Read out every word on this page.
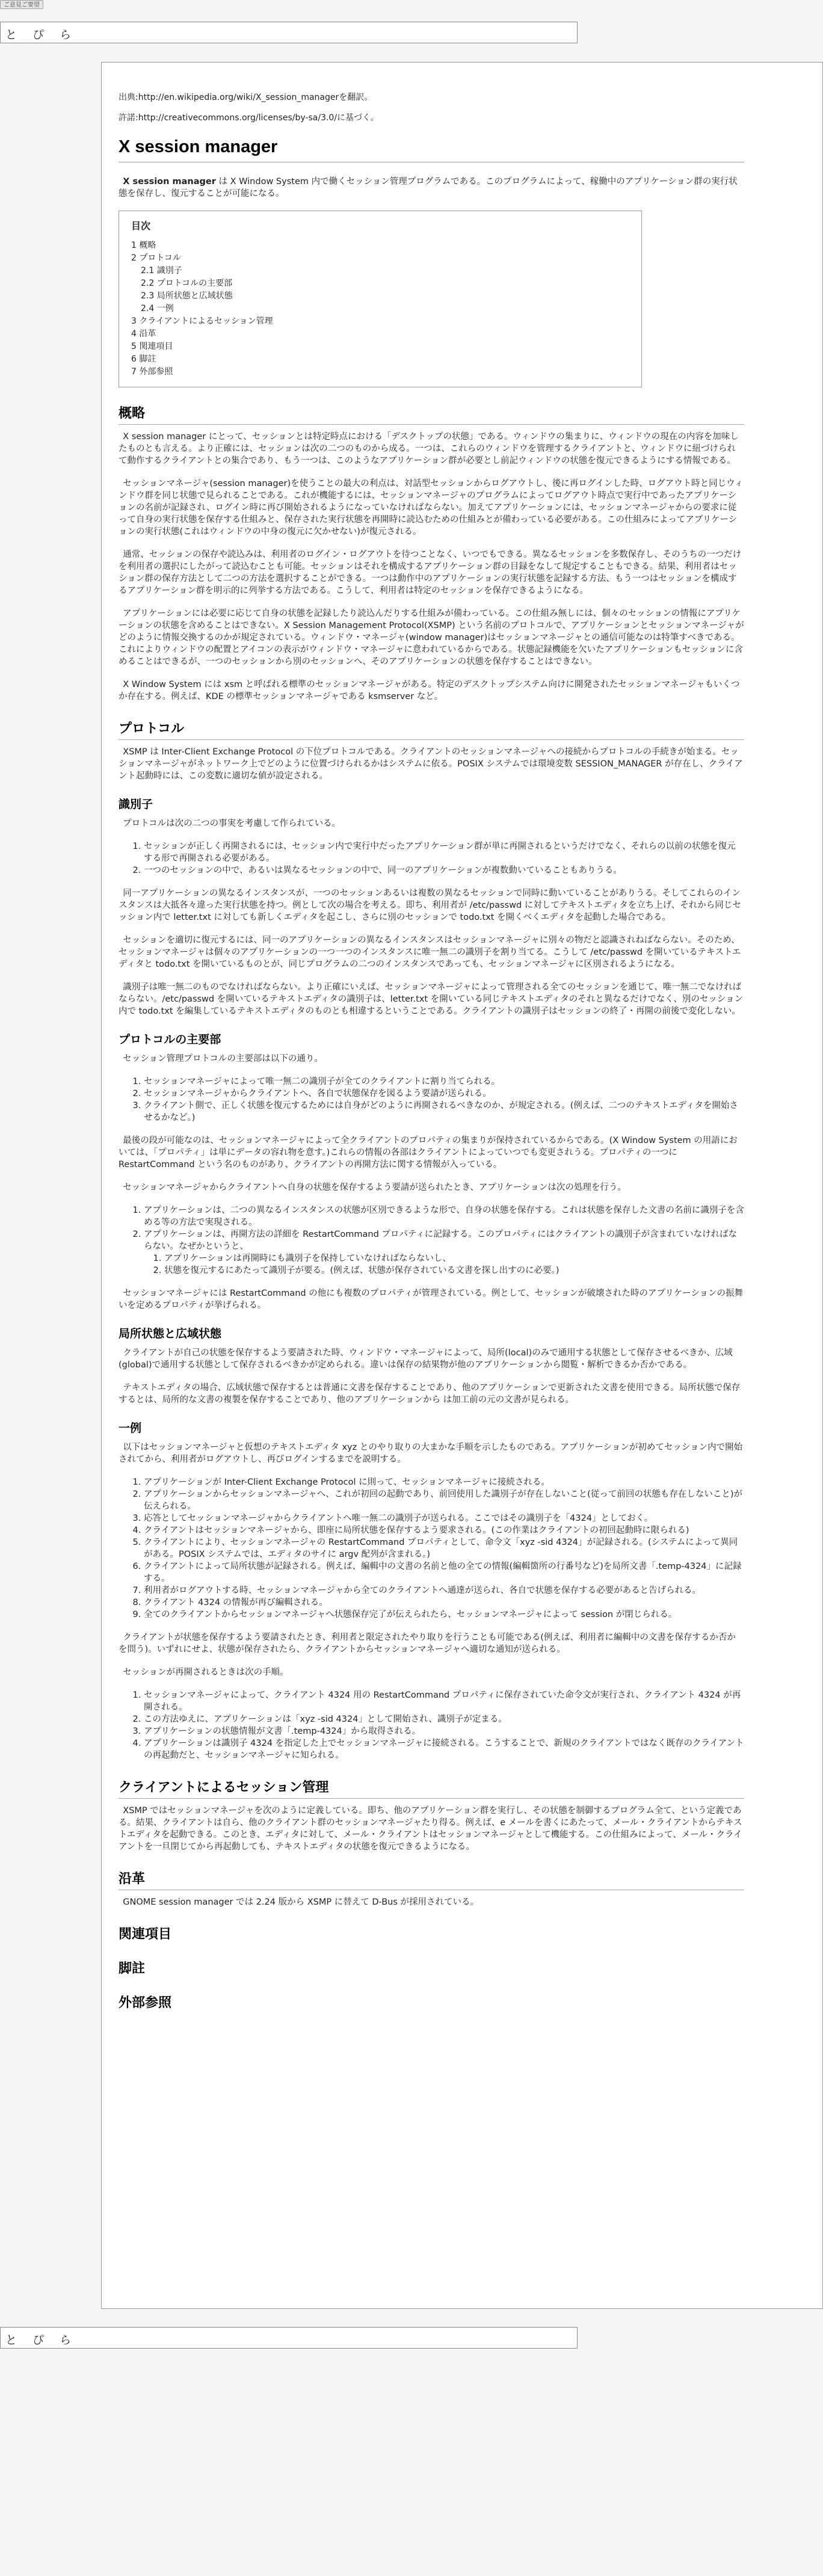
ご意見ご要望
と ぴ ら

出典:http://en.wikipedia.org/wiki/X_session_managerを翻訳。

許諾:http://creativecommons.org/licenses/by-sa/3.0/に基づく。

X session manager

X session manager は X Window System 内で働くセッション管理プログラムである。このプログラムによって、稼働中のアプリケーション群の実行状態を保存し、復元することが可能になる。

目次
1 概略
2 プロトコル
2.1 識別子
2.2 プロトコルの主要部
2.3 局所状態と広域状態
2.4 一例
3 クライアントによるセッション管理
4 沿革
5 関連項目
6 脚註
7 外部参照
概略

X session manager にとって、セッションとは特定時点における「デスクトップの状態」である。ウィンドウの集まりに、ウィンドウの現在の内容を加味したものとも言える。より正確には、セッションは次の二つのものから成る。一つは、これらのウィンドウを管理するクライアントと、ウィンドウに紐づけられて動作するクライアントとの集合であり、もう一つは、このようなアプリケーション群が必要とし前記ウィンドウの状態を復元できるようにする情報である。

セッションマネージャ(session manager)を使うことの最大の利点は、対話型セッションからログアウトし、後に再ログインした時、ログアウト時と同じウィンドウ群を同じ状態で見られることである。これが機能するには、セッションマネージャのプログラムによってログアウト時点で実行中であったアプリケーションの名前が記録され、ログイン時に再び開始されるようになっていなければならない。加えてアプリケーションには、セッションマネージャからの要求に従って自身の実行状態を保存する仕組みと、保存された実行状態を再開時に読込むための仕組みとが備わっている必要がある。この仕組みによってアプリケーションの実行状態(これはウィンドウの中身の復元に欠かせない)が復元される。

通常、セッションの保存や読込みは、利用者のログイン・ログアウトを待つことなく、いつでもできる。異なるセッションを多数保存し、そのうちの一つだけを利用者の選択にしたがって読込むことも可能。セッションはそれを構成するアプリケーション群の目録をなして規定することもできる。結果、利用者はセッション群の保存方法として二つの方法を選択することができる。一つは動作中のアプリケーションの実行状態を記録する方法、もう一つはセッションを構成するアプリケーション群を明示的に列挙する方法である。こうして、利用者は特定のセッションを保存できるようになる。

アプリケーションには必要に応じて自身の状態を記録したり読込んだりする仕組みが備わっている。この仕組み無しには、個々のセッションの情報にアプリケーションの状態を含めることはできない。X Session Management Protocol(XSMP) という名前のプロトコルで、アプリケーションとセッションマネージャがどのように情報交換するのかが規定されている。ウィンドウ・マネージャ(window manager)はセッションマネージャとの通信可能なのは特筆すべきである。これによりウィンドウの配置とアイコンの表示がウィンドウ・マネージャに意われているからである。状態記録機能を欠いたアプリケーションもセッションに含めることはできるが、一つのセッションから別のセッションへ、そのアプリケーションの状態を保存することはできない。

X Window System には xsm と呼ばれる標準のセッションマネージャがある。特定のデスクトップシステム向けに開発されたセッションマネージャもいくつか存在する。例えば、KDE の標準セッションマネージャである ksmserver など。

プロトコル

XSMP は Inter-Client Exchange Protocol の下位プロトコルである。クライアントのセッションマネージャへの接続からプロトコルの手続きが始まる。セッションマネージャがネットワーク上でどのように位置づけられるかはシステムに依る。POSIX システムでは環境変数 SESSION_MANAGER が存在し、クライアント起動時には、この変数に適切な値が設定される。

識別子

プロトコルは次の二つの事実を考慮して作られている。

1. セッションが正しく再開されるには、セッション内で実行中だったアプリケーション群が単に再開されるというだけでなく、それらの以前の状態を復元する形で再開される必要がある。
2. 一つのセッションの中で、あるいは異なるセッションの中で、同一のアプリケーションが複数動いていることもありうる。

同一アプリケーションの異なるインスタンスが、一つのセッションあるいは複数の異なるセッションで同時に動いていることがありうる。そしてこれらのインスタンスは大抵各々違った実行状態を持つ。例として次の場合を考える。即ち、利用者が /etc/passwd に対してテキストエディタを立ち上げ、それから同じセッション内で letter.txt に対しても新しくエディタを起こし、さらに別のセッションで todo.txt を開くべくエディタを起動した場合である。

セッションを適切に復元するには、同一のアプリケーションの異なるインスタンスはセッションマネージャに別々の物だと認識されねばならない。そのため、セッションマネージャは個々のアプリケーションの一つ一つのインスタンスに唯一無二の識別子を割り当てる。こうして /etc/passwd を開いているテキストエディタと todo.txt を開いているものとが、同じプログラムの二つのインスタンスであっても、セッションマネージャに区別されるようになる。

識別子は唯一無二のものでなければならない。より正確にいえば、セッションマネージャによって管理される全てのセッションを通じて、唯一無二でなければならない。/etc/passwd を開いているテキストエディタの識別子は、letter.txt を開いている同じテキストエディタのそれと異なるだけでなく、別のセッション内で todo.txt を編集しているテキストエディタのものとも相違するということである。クライアントの識別子はセッションの終了・再開の前後で変化しない。

プロトコルの主要部

セッション管理プロトコルの主要部は以下の通り。

1. セッションマネージャによって唯一無二の識別子が全てのクライアントに割り当てられる。
2. セッションマネージャからクライアントへ、各自で状態保存を図るよう要請が送られる。
3. クライアント側で、正しく状態を復元するためには自身がどのように再開されるべきなのか、が規定される。(例えば、二つのテキストエディタを開始させるかなど。)

最後の段が可能なのは、セッションマネージャによって全クライアントのプロパティの集まりが保持されているからである。(X Window System の用語においては、「プロパティ」は単にデータの容れ物を意す。)これらの情報の各部はクライアントによっていつでも変更されうる。プロパティの一つに RestartCommand という名のものがあり、クライアントの再開方法に関する情報が入っている。

セッションマネージャからクライアントへ自身の状態を保存するよう要請が送られたとき、アプリケーションは次の処理を行う。

1. アプリケーションは、二つの異なるインスタンスの状態が区別できるような形で、自身の状態を保存する。これは状態を保存した文書の名前に識別子を含める等の方法で実現される。
2. アプリケーションは、再開方法の詳細を RestartCommand プロパティに記録する。このプロパティにはクライアントの識別子が含まれていなければならない。なぜかというと、
1. アプリケーションは再開時にも識別子を保持していなければならないし、
2. 状態を復元するにあたって識別子が要る。(例えば、状態が保存されている文書を探し出すのに必要。)

セッションマネージャには RestartCommand の他にも複数のプロパティが管理されている。例として、セッションが破壊された時のアプリケーションの振舞いを定めるプロパティが挙げられる。

局所状態と広域状態

クライアントが自己の状態を保存するよう要請された時、ウィンドウ・マネージャによって、局所(local)のみで通用する状態として保存させるべきか、広域(global)で通用する状態として保存されるべきかが定められる。違いは保存の結果物が他のアプリケーションから閲覧・解析できるか否かである。

テキストエディタの場合、広域状態で保存するとは普通に文書を保存することであり、他のアプリケーションで更新された文書を使用できる。局所状態で保存するとは、局所的な文書の複製を保存することであり、他のアプリケーションから は加工前の元の文書が見られる。

一例

以下はセッションマネージャと仮想のテキストエディタ xyz とのやり取りの大まかな手順を示したものである。アプリケーションが初めてセッション内で開始されてから、利用者がログアウトし、再びログインするまでを説明する。

1. アプリケーションが Inter-Client Exchange Protocol に則って、セッションマネージャに接続される。
2. アプリケーションからセッションマネージャへ、これが初回の起動であり、前回使用した識別子が存在しないこと(従って前回の状態も存在しないこと)が伝えられる。
3. 応答としてセッションマネージャからクライアントへ唯一無二の識別子が送られる。ここではその識別子を「4324」としておく。
4. クライアントはセッションマネージャから、即座に局所状態を保存するよう要求される。(この作業はクライアントの初回起動時に限られる)
5. クライアントにより、セッションマネージャの RestartCommand プロパティとして、命令文「xyz -sid 4324」が記録される。(システムによって異同がある。POSIX システムでは、エディタのサイに argv 配列が含まれる。)
6. クライアントによって局所状態が記録される。例えば、編輯中の文書の名前と他の全ての情報(編輯箇所の行番号など)を局所文書「.temp-4324」に記録する。
7. 利用者がログアウトする時、セッションマネージャから全てのクライアントへ通達が送られ、各自で状態を保存する必要があると告げられる。
8. クライアント 4324 の情報が再び編輯される。
9. 全てのクライアントからセッションマネージャへ状態保存完了が伝えられたら、セッションマネージャによって session が閉じられる。

クライアントが状態を保存するよう要請されたとき、利用者と限定されたやり取りを行うことも可能である(例えば、利用者に編輯中の文書を保存するか否かを問う)。いずれにせよ、状態が保存されたら、クライアントからセッションマネージャへ適切な通知が送られる。

セッションが再開されるときは次の手順。

1. セッションマネージャによって、クライアント 4324 用の RestartCommand プロパティに保存されていた命令文が実行され、クライアント 4324 が再開される。
2. この方法ゆえに、アプリケーションは「xyz -sid 4324」として開始され、識別子が定まる。
3. アプリケーションの状態情報が文書「.temp-4324」から取得される。
4. アプリケーションは識別子 4324 を指定した上でセッションマネージャに接続される。こうすることで、新規のクライアントではなく既存のクライアントの再起動だと、セッションマネージャに知られる。
クライアントによるセッション管理

XSMP ではセッションマネージャを次のように定義している。即ち、他のアプリケーション群を実行し、その状態を制御するプログラム全て、という定義である。結果、クライアントは自ら、他のクライアント群のセッションマネージャたり得る。例えば、e メールを書くにあたって、メール・クライアントからテキストエディタを起動できる。このとき、エディタに対して、メール・クライアントはセッションマネージャとして機能する。この仕組みによって、メール・クライアントを一旦閉じてから再起動しても、テキストエディタの状態を復元できるようになる。

沿革

GNOME session manager では 2.24 版から XSMP に替えて D-Bus が採用されている。

関連項目
脚註
外部参照
と ぴ ら
